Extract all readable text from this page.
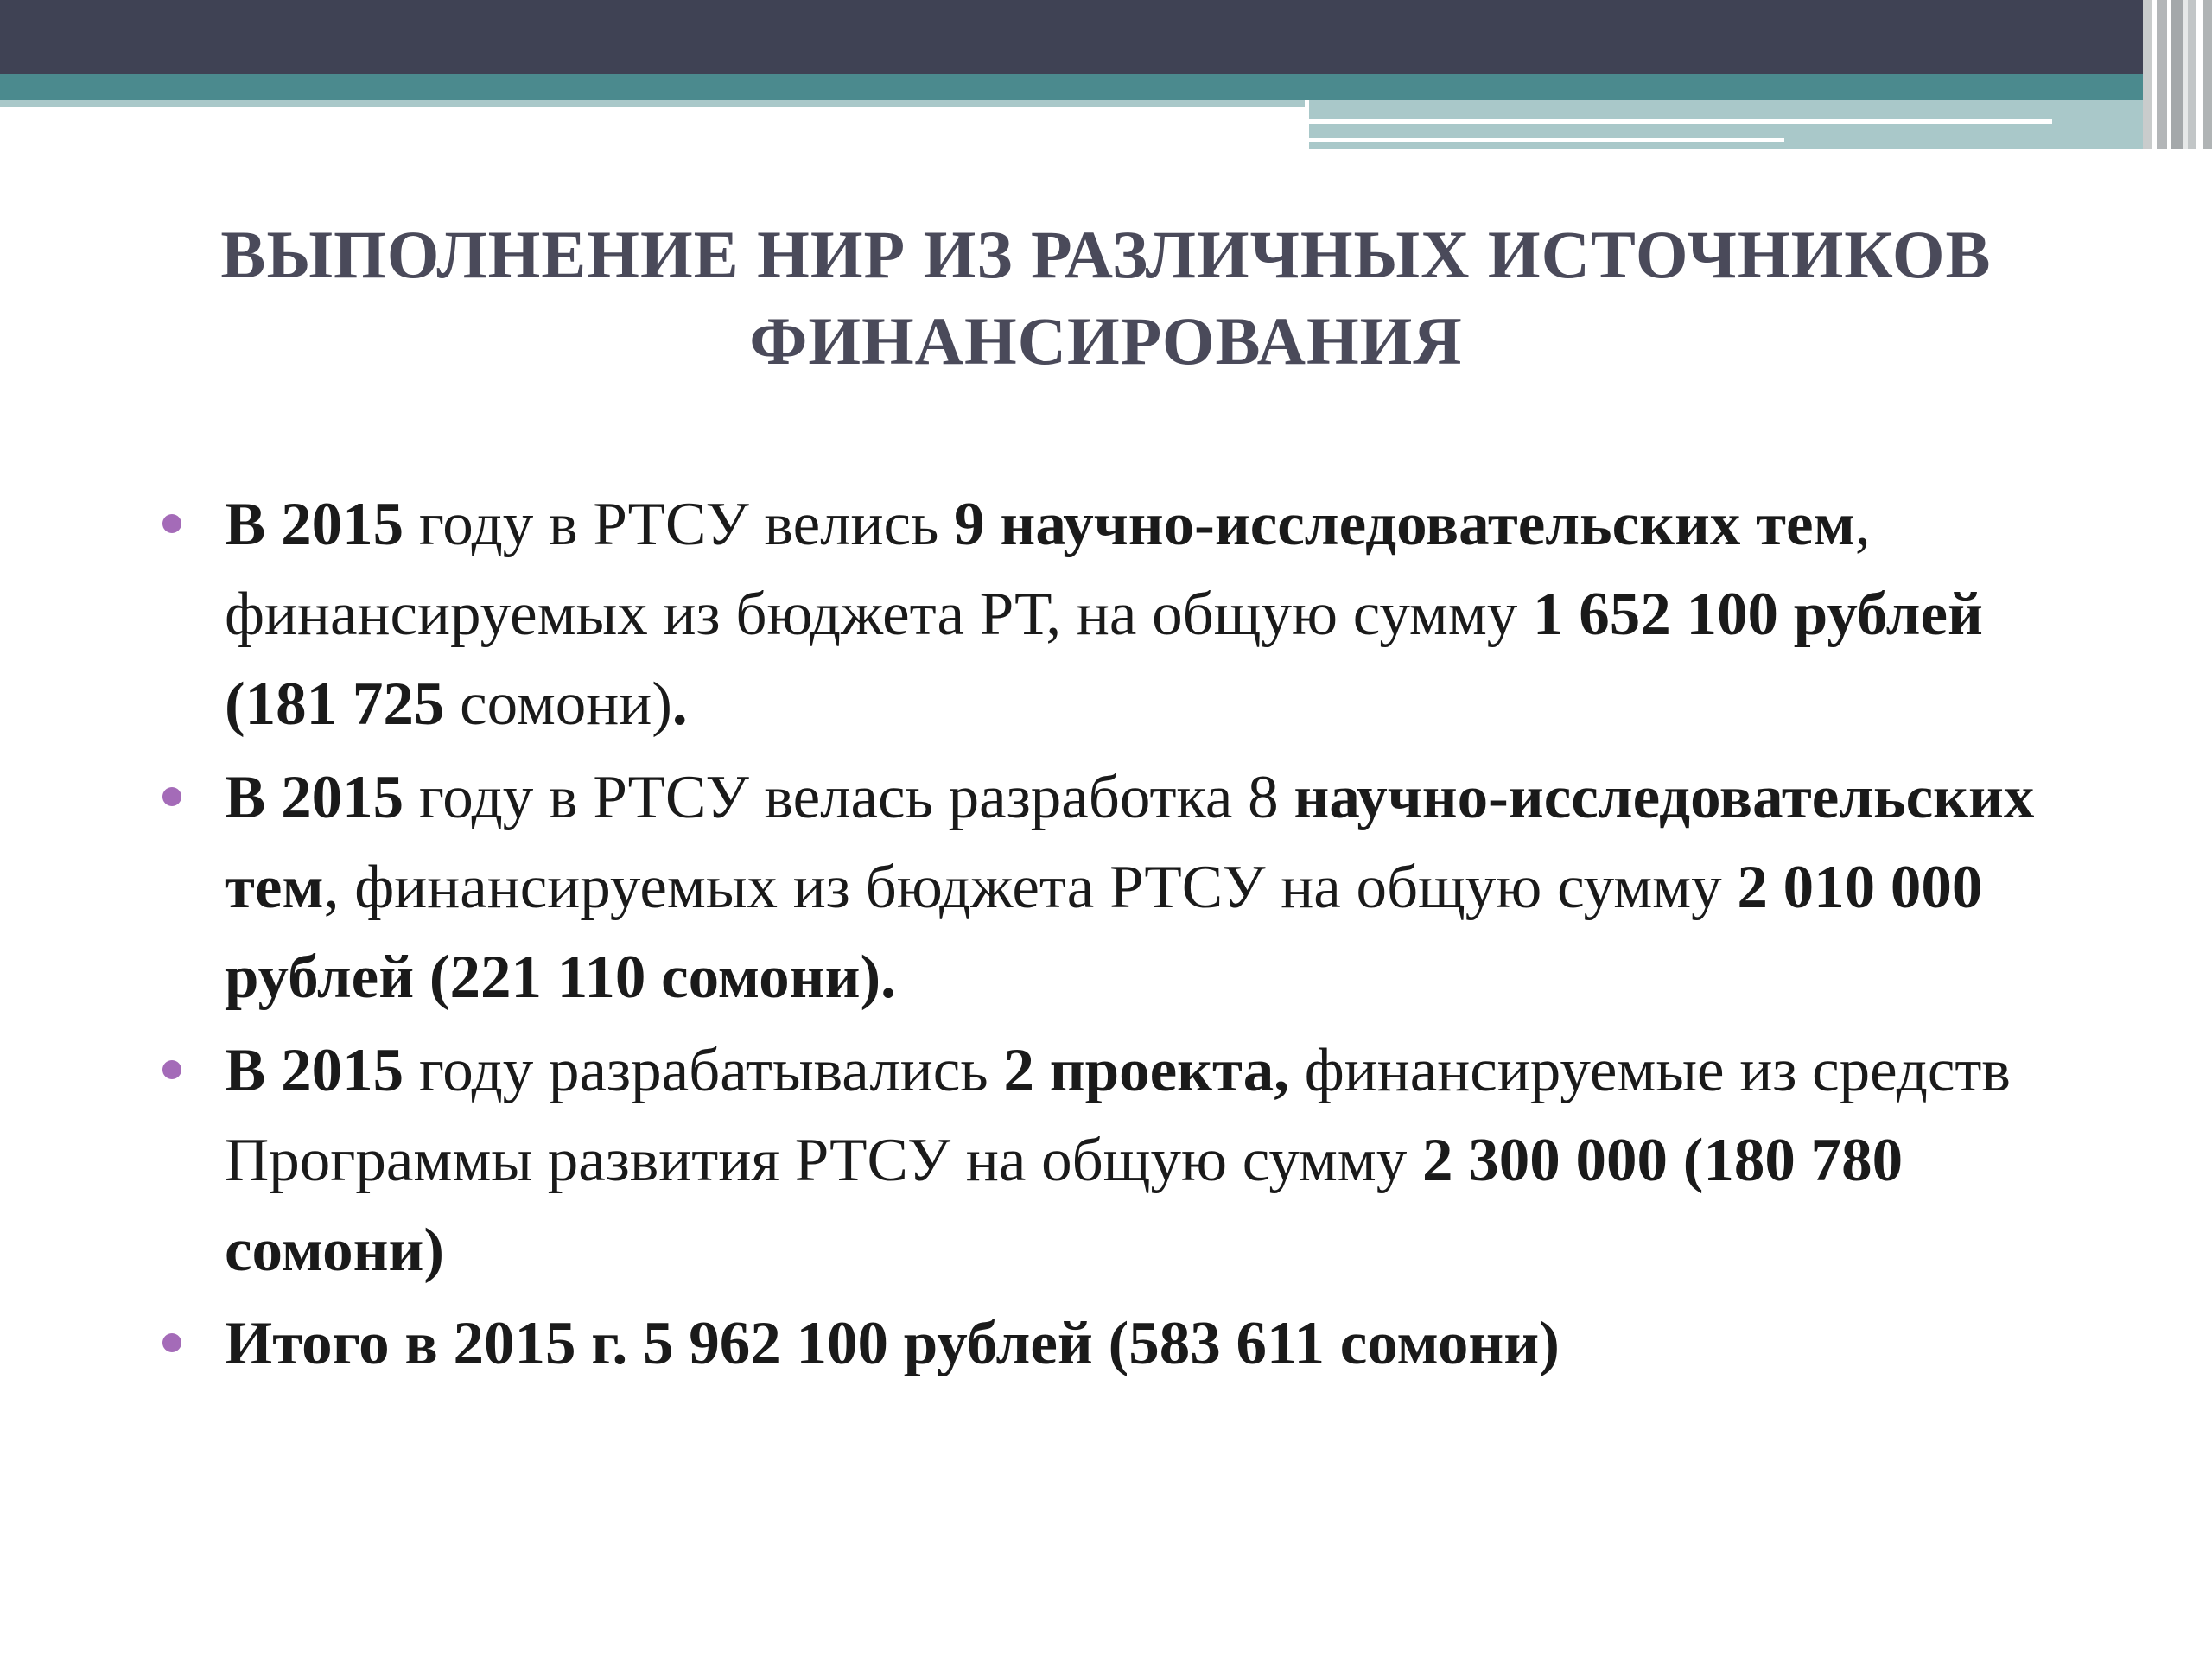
ВЫПОЛНЕНИЕ НИР ИЗ РАЗЛИЧНЫХ ИСТОЧНИКОВ
ФИНАНСИРОВАНИЯ
В 2015 году в РТСУ велись 9 научно-исследовательских тем, финансируемых из бюджета РТ, на общую сумму 1 652 100 рублей (181 725 сомони).
В 2015 году в РТСУ велась разработка 8 научно-исследовательских тем, финансируемых из бюджета РТСУ на общую сумму 2 010 000 рублей (221 110 сомони).
В 2015 году разрабатывались 2 проекта, финансируемые из средств Программы развития РТСУ на общую сумму 2 300 000 (180 780 сомони)
Итого в 2015 г. 5 962 100 рублей (583 611 сомони)
